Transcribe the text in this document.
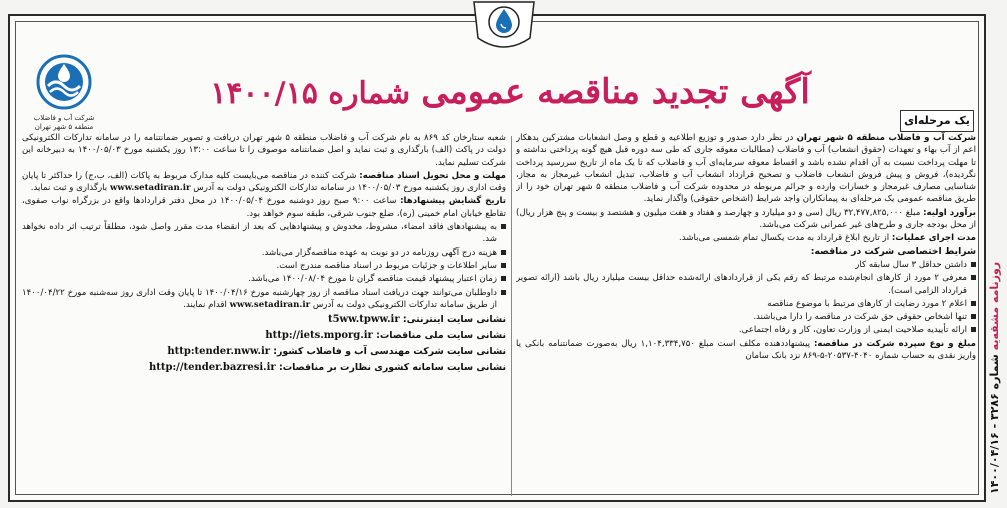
شرکت آب و فاضلاب
منطقه ۵ شهر تهران
آگهی تجدید مناقصه عمومی شماره ۱۴۰۰/۱۵
یک مرحله‌ای

شرکت آب و فاضلاب منطقه ۵ شهر تهران در نظر دارد صدور و توزیع اطلاعیه و قطع و وصل انشعابات مشترکین بدهکار اعم از آب بهاء و تعهدات (حقوق انشعاب) آب و فاضلاب (مطالبات معوقه جاری که طی سه دوره قبل هیچ گونه پرداختی نداشته و تا مهلت پرداخت نسبت به آن اقدام نشده باشد و اقساط معوقه سرمایه‌ای آب و فاضلاب که تا یک ماه از تاریخ سررسید پرداخت نگردیده)، فروش و پیش فروش انشعاب فاضلاب و تصحیح قرارداد انشعاب آب و فاضلاب، تبدیل انشعاب غیرمجاز به مجاز، شناسایی مصارف غیرمجاز و خسارات وارده و جرائم مربوطه در محدوده شرکت آب و فاضلاب منطقه ۵ شهر تهران خود را از طریق مناقصه عمومی یک مرحله‌ای به پیمانکاران واجد شرایط (اشخاص حقوقی) واگذار نماید.

برآورد اولیه: مبلغ ۳۲,۴۷۷,۸۲۵,۰۰۰ ریال (سی و دو میلیارد و چهارصد و هفتاد و هفت میلیون و هشتصد و بیست و پنج هزار ریال) از محل بودجه جاری و طرح‌های غیر عمرانی شرکت می‌باشد.

مدت اجرای عملیات: از تاریخ ابلاغ قرارداد به مدت یکسال تمام شمسی می‌باشد.

شرایط اختصاصی شرکت در مناقصه:

داشتن حداقل ۳ سال سابقه کار

معرفی ۲ مورد از کارهای انجام‌شده مرتبط که رقم یکی از قراردادهای ارائه‌شده حداقل بیست میلیارد ریال باشد (ارائه تصویر قرارداد الزامی است).

اعلام ۲ مورد رضایت از کارهای مرتبط با موضوع مناقصه

تنها اشخاص حقوقی حق شرکت در مناقصه را دارا می‌باشند.

ارائه تأییدیه صلاحیت ایمنی از وزارت تعاون، کار و رفاه اجتماعی.

مبلغ و نوع سپرده شرکت در مناقصه: پیشنهاددهنده مکلف است مبلغ ۱,۱۰۴,۳۳۴,۷۵۰ ریال به‌صورت ضمانتنامه بانکی یا واریز نقدی به حساب شماره ۴۰۴۰-۲۰۵۳۷-۵-۸۶۹ نزد بانک سامان

شعبه ستارخان کد ۸۶۹ به نام شرکت آب و فاضلاب منطقه ۵ شهر تهران دریافت و تصویر ضمانتنامه را در سامانه تدارکات الکترونیکی دولت در پاکت (الف) بارگذاری و ثبت نماید و اصل ضمانتنامه موصوف را تا ساعت ۱۳:۰۰ روز یکشنبه مورخ ۱۴۰۰/۰۵/۰۳ به دبیرخانه این شرکت تسلیم نماید.

مهلت و محل تحویل اسناد مناقصه: شرکت کننده در مناقصه می‌بایست کلیه مدارک مربوط به پاکات (الف، ب،ج) را حداکثر تا پایان وقت اداری روز یکشنبه مورخ ۱۴۰۰/۰۵/۰۳ در سامانه تدارکات الکترونیکی دولت به آدرس www.setadiran.ir بارگذاری و ثبت نماید.

تاریخ گشایش پیشنهادها: ساعت ۹:۰۰ صبح روز دوشنبه مورخ ۱۴۰۰/۰۵/۰۴ در محل دفتر قراردادها واقع در بزرگراه نواب صفوی، تقاطع خیابان امام خمینی (ره)، ضلع جنوب شرقی، طبقه سوم خواهد بود.

به پیشنهادهای فاقد امضاء، مشروط، مخدوش و پیشنهادهایی که بعد از انقضاء مدت مقرر واصل شود، مطلقاً ترتیب اثر داده نخواهد شد.

هزینه درج آگهی روزنامه در دو نوبت به عهده مناقصه‌گزار می‌باشد.

سایر اطلاعات و جزئیات مربوط در اسناد مناقصه مندرج است.

زمان اعتبار پیشنهاد قیمت مناقصه گران تا مورخ ۱۴۰۰/۰۸/۰۴ می‌باشد.

داوطلبان می‌توانند جهت دریافت اسناد مناقصه از روز چهارشنبه مورخ ۱۴۰۰/۰۴/۱۶ تا پایان وقت اداری روز سه‌شنبه مورخ ۱۴۰۰/۰۴/۲۲ از طریق سامانه تدارکات الکترونیکی دولت به آدرس www.setadiran.ir اقدام نمایند.

نشانی سایت اینترنتی: t5ww.tpww.ir

نشانی سایت ملی مناقصات: http://iets.mporg.ir

نشانی سایت شرکت مهندسی آب و فاضلاب کشور: http:tender.nww.ir

نشانی سایت سامانه کشوری نظارت بر مناقصات: http://tender.bazresi.ir

روزنامه مشقه‌یه شماره ۳۲۸۶ - ۱۴۰۰/۰۴/۱۶
